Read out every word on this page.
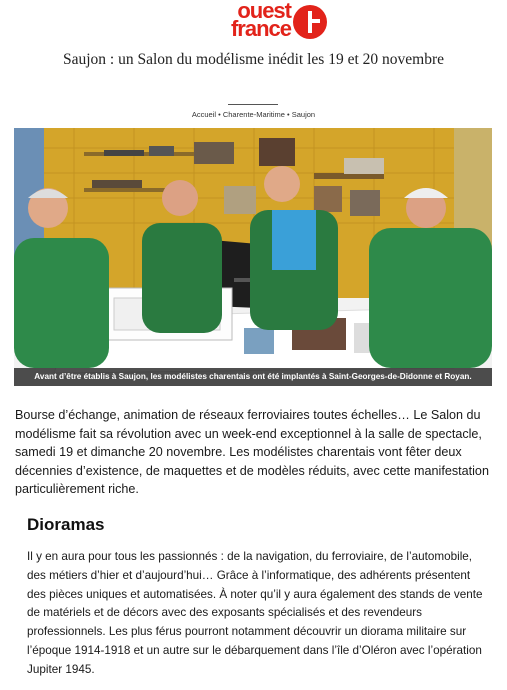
ouest
france
Saujon : un Salon du modélisme inédit les 19 et 20 novembre
Accueil • Charente-Maritime • Saujon
Avant d’être établis à Saujon, les modélistes charentais ont été implantés à Saint-Georges-de-Didonne et Royan.
Bourse d’échange, animation de réseaux ferroviaires toutes échelles… Le Salon du modélisme fait sa révolution avec un week-end exceptionnel à la salle de spectacle, samedi 19 et dimanche 20 novembre. Les modélistes charentais vont fêter deux décennies d’existence, de maquettes et de modèles réduits, avec cette manifestation particulièrement riche.
Dioramas
Il y en aura pour tous les passionnés : de la navigation, du ferroviaire, de l’automobile, des métiers d’hier et d’aujourd’hui… Grâce à l’informatique, des adhérents présentent des pièces uniques et automatisées. À noter qu’il y aura également des stands de vente de matériels et de décors avec des exposants spécialisés et des revendeurs professionnels. Les plus férus pourront notamment découvrir un diorama militaire sur l’époque 1914-1918 et un autre sur le débarquement dans l’île d’Oléron avec l’opération Jupiter 1945.
